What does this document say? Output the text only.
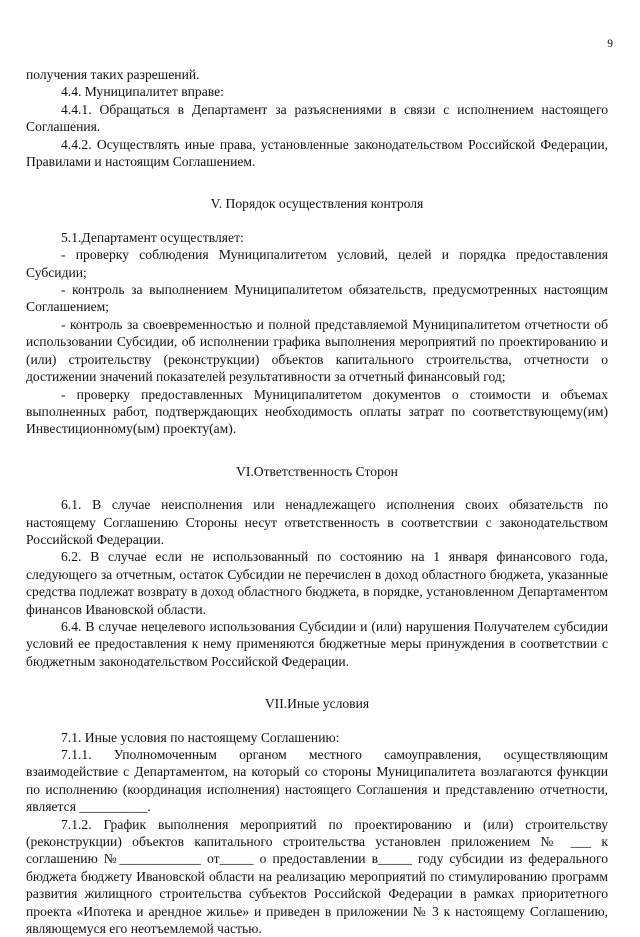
9

получения таких разрешений.

4.4. Муниципалитет вправе:

4.4.1. Обращаться в Департамент за разъяснениями в связи с исполнением настоящего Соглашения.

4.4.2. Осуществлять иные права, установленные законодательством Российской Федерации, Правилами и настоящим Соглашением.

V. Порядок осуществления контроля

5.1.Департамент осуществляет:

- проверку соблюдения Муниципалитетом условий, целей и порядка предоставления Субсидии;

- контроль за выполнением Муниципалитетом обязательств, предусмотренных настоящим Соглашением;

- контроль за своевременностью и полной представляемой Муниципалитетом отчетности об использовании Субсидии, об исполнении графика выполнения мероприятий по проектированию и (или) строительству (реконструкции) объектов капитального строительства, отчетности о достижении значений показателей результативности за отчетный финансовый год;

- проверку предоставленных Муниципалитетом документов о стоимости и объемах выполненных работ, подтверждающих необходимость оплаты затрат по соответствующему(им) Инвестиционному(ым) проекту(ам).

VI.Ответственность Сторон

6.1. В случае неисполнения или ненадлежащего исполнения своих обязательств по настоящему Соглашению Стороны несут ответственность в соответствии с законодательством Российской Федерации.

6.2. В случае если не использованный по состоянию на 1 января финансового года, следующего за отчетным, остаток Субсидии не перечислен в доход областного бюджета, указанные средства подлежат возврату в доход областного бюджета, в порядке, установленном Департаментом финансов Ивановской области.

6.4. В случае нецелевого использования Субсидии и (или) нарушения Получателем субсидии условий ее предоставления к нему применяются бюджетные меры принуждения в соответствии с бюджетным законодательством Российской Федерации.

VII.Иные условия

7.1. Иные условия по настоящему Соглашению:

7.1.1. Уполномоченным органом местного самоуправления, осуществляющим взаимодействие с Департаментом, на который со стороны Муниципалитета возлагаются функции по исполнению (координация исполнения) настоящего Соглашения и представлению отчетности, является __________.

7.1.2. График выполнения мероприятий по проектированию и (или) строительству (реконструкции) объектов капитального строительства установлен приложением № ___ к соглашению №____________ от_____ о предоставлении в_____ году субсидии из федерального бюджета бюджету Ивановской области на реализацию мероприятий по стимулированию программ развития жилищного строительства субъектов Российской Федерации в рамках приоритетного проекта «Ипотека и арендное жилье» и приведен в приложении № 3 к настоящему Соглашению, являющемуся его неотъемлемой частью.
